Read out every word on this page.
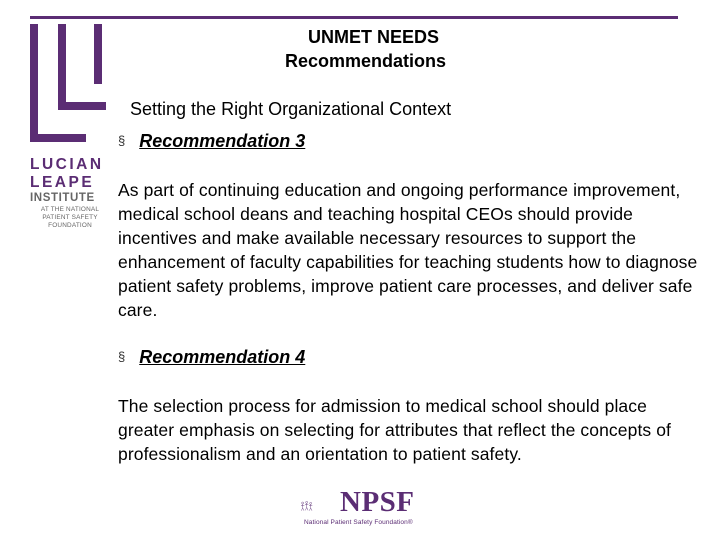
LUCIAN
LEAPE
INSTITUTE
AT THE NATIONAL PATIENT SAFETY FOUNDATION
UNMET NEEDS
Recommendations
Setting the Right Organizational Context
§ Recommendation 3
As part of continuing education and ongoing performance improvement, medical school deans and teaching hospital CEOs should provide incentives and make available necessary resources to support the enhancement of faculty capabilities for teaching students how to diagnose patient safety problems, improve patient care processes, and deliver safe care.
§ Recommendation 4
The selection process for admission to medical school should place greater emphasis on selecting for attributes that reflect the concepts of professionalism and an orientation to patient safety.
NPSF
National Patient Safety Foundation®
